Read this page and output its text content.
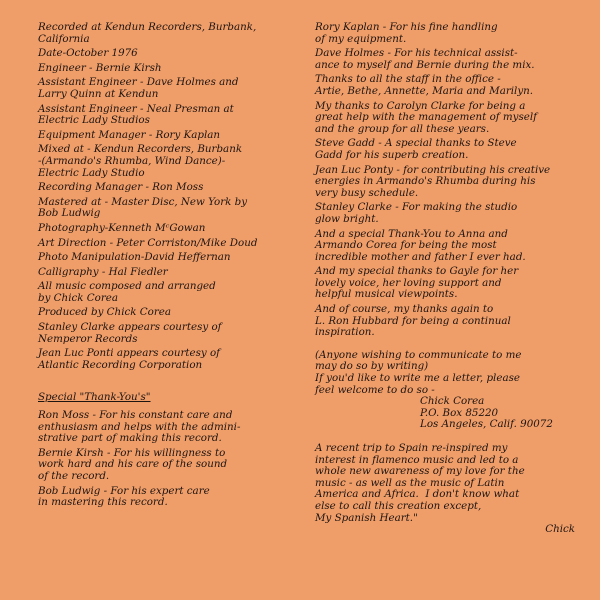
Recorded at Kendun Recorders, Burbank,
California
Date-October 1976
Engineer - Bernie Kirsh
Assistant Engineer - Dave Holmes and
Larry Quinn at Kendun
Assistant Engineer - Neal Presman at
Electric Lady Studios
Equipment Manager - Rory Kaplan
Mixed at - Kendun Recorders, Burbank
-(Armando's Rhumba, Wind Dance)-
Electric Lady Studio
Recording Manager - Ron Moss
Mastered at - Master Disc, New York by
Bob Ludwig
Photography-Kenneth MᶜGowan
Art Direction - Peter Corriston/Mike Doud
Photo Manipulation-David Heffernan
Calligraphy - Hal Fiedler
All music composed and arranged
by Chick Corea
Produced by Chick Corea
Stanley Clarke appears courtesy of
Nemperor Records
Jean Luc Ponti appears courtesy of
Atlantic Recording Corporation
Special "Thank-You's"
Ron Moss - For his constant care and
enthusiasm and helps with the admini-
strative part of making this record.
Bernie Kirsh - For his willingness to
work hard and his care of the sound
of the record.
Bob Ludwig - For his expert care
in mastering this record.
Rory Kaplan - For his fine handling
of my equipment.
Dave Holmes - For his technical assist-
ance to myself and Bernie during the mix.
Thanks to all the staff in the office -
Artie, Bethe, Annette, Maria and Marilyn.
My thanks to Carolyn Clarke for being a
great help with the management of myself
and the group for all these years.
Steve Gadd - A special thanks to Steve
Gadd for his superb creation.
Jean Luc Ponty - for contributing his creative
energies in Armando's Rhumba during his
very busy schedule.
Stanley Clarke - For making the studio
glow bright.
And a special Thank-You to Anna and
Armando Corea for being the most
incredible mother and father I ever had.
And my special thanks to Gayle for her
lovely voice, her loving support and
helpful musical viewpoints.
And of course, my thanks again to
L. Ron Hubbard for being a continual
inspiration.
(Anyone wishing to communicate to me
may do so by writing)
If you'd like to write me a letter, please
feel welcome to do so -
Chick Corea
P.O. Box 85220
Los Angeles, Calif. 90072
A recent trip to Spain re-inspired my
interest in flamenco music and led to a
whole new awareness of my love for the
music - as well as the music of Latin
America and Africa.  I don't know what
else to call this creation except,
My Spanish Heart."
Chick
